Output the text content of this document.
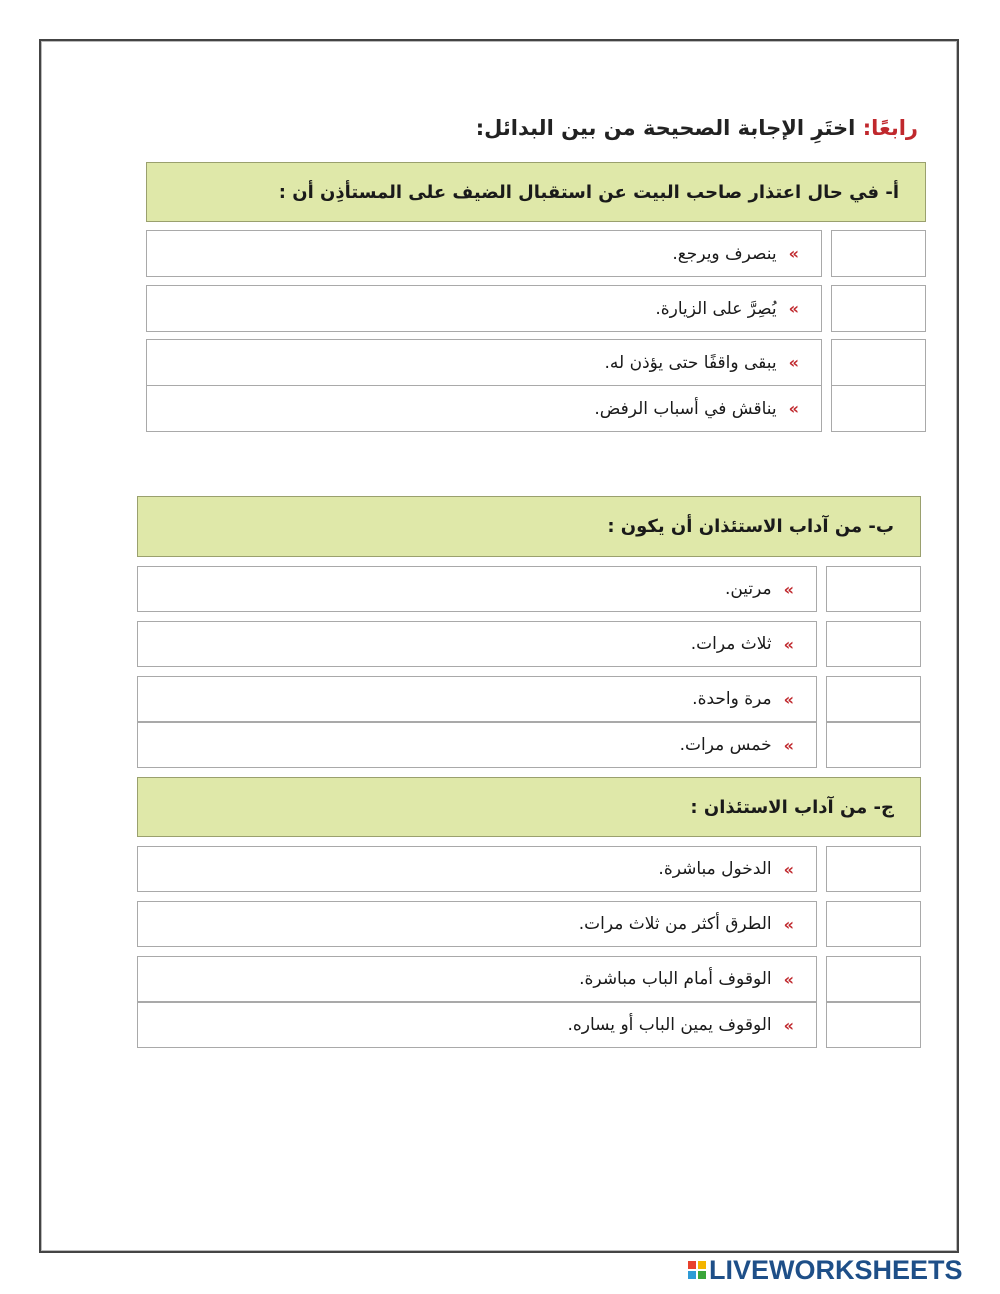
رابعًا: اختَرِ الإجابة الصحيحة من بين البدائل:
أ- في حال اعتذار صاحب البيت عن استقبال الضيف على المستأذِن أن :
»
ينصرف ويرجع.
»
يُصِرَّ على الزيارة.
»
يبقى واقفًا حتى يؤذن له.
»
يناقش في أسباب الرفض.
ب- من آداب الاستئذان أن يكون :
»
مرتين.
»
ثلاث مرات.
»
مرة واحدة.
»
خمس مرات.
ج- من آداب الاستئذان :
»
الدخول مباشرة.
»
الطرق أكثر من ثلاث مرات.
»
الوقوف أمام الباب مباشرة.
»
الوقوف يمين الباب أو يساره.
LIVEWORKSHEETS
